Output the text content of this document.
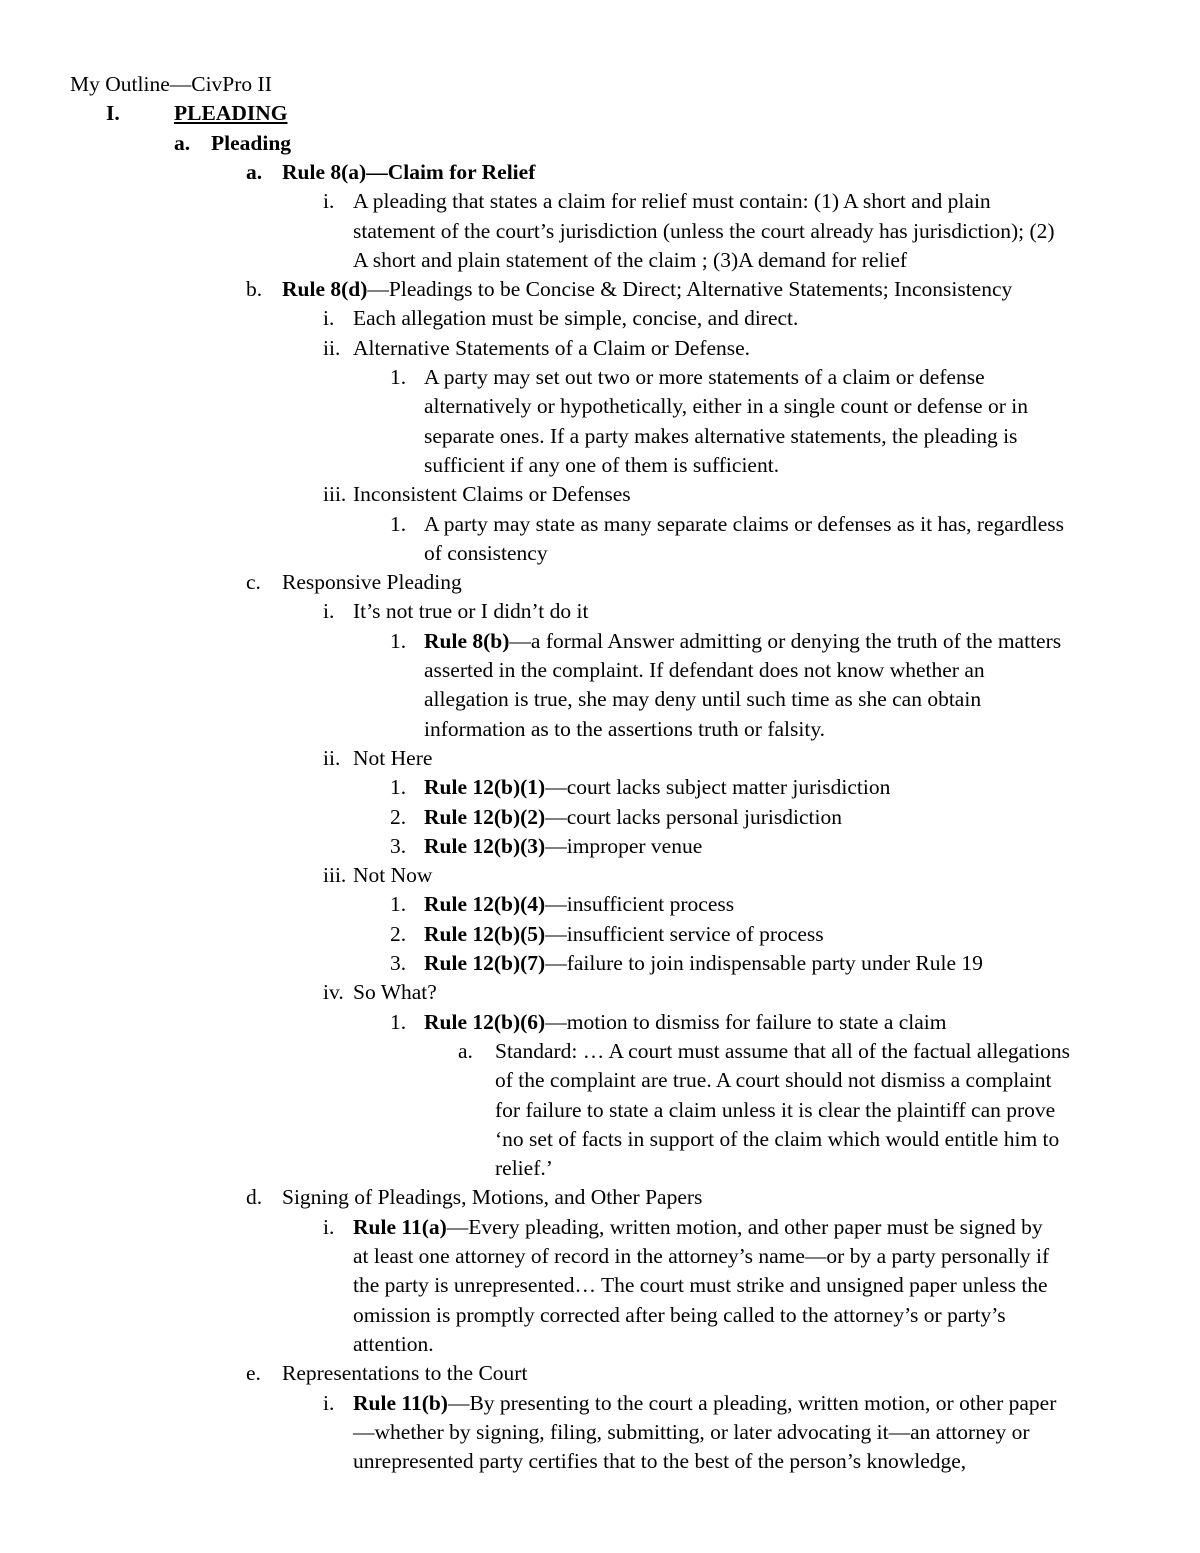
My Outline—CivPro II
I.	PLEADING
a. Pleading
a. Rule 8(a)—Claim for Relief
i. A pleading that states a claim for relief must contain: (1) A short and plain
statement of the court’s jurisdiction (unless the court already has jurisdiction); (2)
A short and plain statement of the claim ; (3)A demand for relief
b. Rule 8(d)—Pleadings to be Concise & Direct; Alternative Statements; Inconsistency
i. Each allegation must be simple, concise, and direct.
ii. Alternative Statements of a Claim or Defense.
1. A party may set out two or more statements of a claim or defense
alternatively or hypothetically, either in a single count or defense or in
separate ones. If a party makes alternative statements, the pleading is
sufficient if any one of them is sufficient.
iii. Inconsistent Claims or Defenses
1. A party may state as many separate claims or defenses as it has, regardless
of consistency
c. Responsive Pleading
i. It’s not true or I didn’t do it
1. Rule 8(b)—a formal Answer admitting or denying the truth of the matters
asserted in the complaint. If defendant does not know whether an
allegation is true, she may deny until such time as she can obtain
information as to the assertions truth or falsity.
ii. Not Here
1. Rule 12(b)(1)—court lacks subject matter jurisdiction
2. Rule 12(b)(2)—court lacks personal jurisdiction
3. Rule 12(b)(3)—improper venue
iii. Not Now
1. Rule 12(b)(4)—insufficient process
2. Rule 12(b)(5)—insufficient service of process
3. Rule 12(b)(7)—failure to join indispensable party under Rule 19
iv. So What?
1. Rule 12(b)(6)—motion to dismiss for failure to state a claim
a. Standard: … A court must assume that all of the factual allegations
of the complaint are true. A court should not dismiss a complaint
for failure to state a claim unless it is clear the plaintiff can prove
‘no set of facts in support of the claim which would entitle him to
relief.’
d. Signing of Pleadings, Motions, and Other Papers
i. Rule 11(a)—Every pleading, written motion, and other paper must be signed by
at least one attorney of record in the attorney’s name—or by a party personally if
the party is unrepresented… The court must strike and unsigned paper unless the
omission is promptly corrected after being called to the attorney’s or party’s
attention.
e. Representations to the Court
i. Rule 11(b)—By presenting to the court a pleading, written motion, or other paper
—whether by signing, filing, submitting, or later advocating it—an attorney or
unrepresented party certifies that to the best of the person’s knowledge,
